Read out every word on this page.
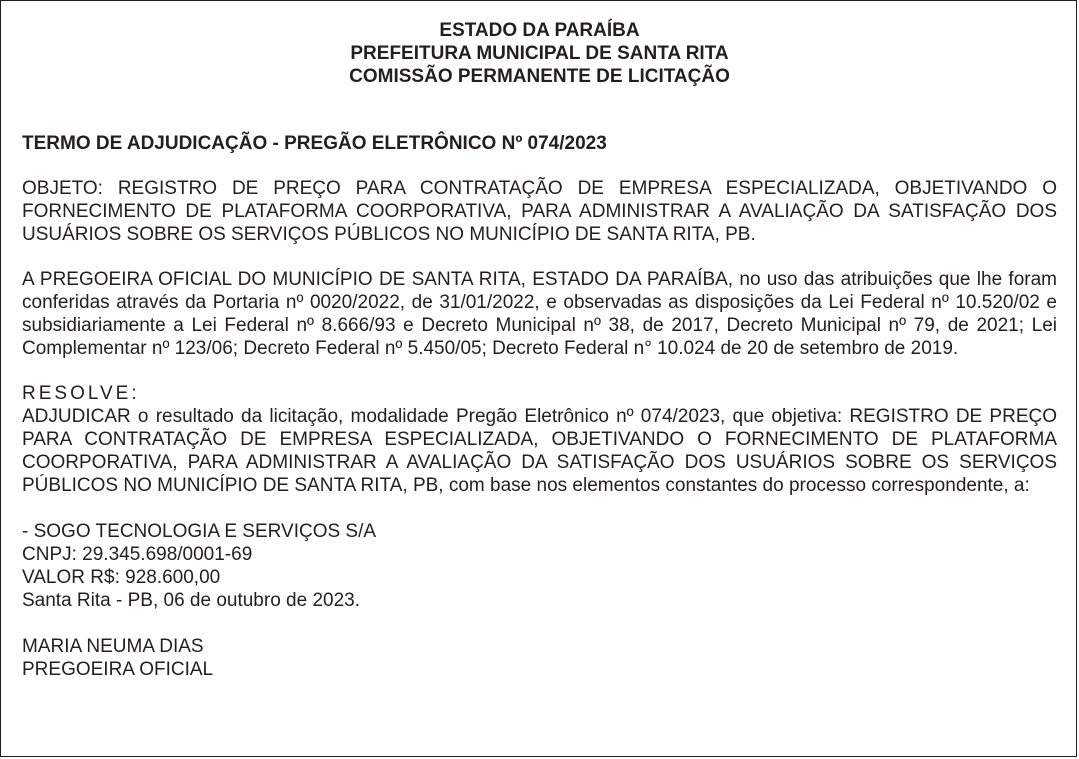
ESTADO DA PARAÍBA
PREFEITURA MUNICIPAL DE SANTA RITA
COMISSÃO PERMANENTE DE LICITAÇÃO
TERMO DE ADJUDICAÇÃO - PREGÃO ELETRÔNICO Nº 074/2023
OBJETO: REGISTRO DE PREÇO PARA CONTRATAÇÃO DE EMPRESA ESPECIALIZADA, OBJETIVANDO O FORNECIMENTO DE PLATAFORMA COORPORATIVA, PARA ADMINISTRAR A AVALIAÇÃO DA SATISFAÇÃO DOS USUÁRIOS SOBRE OS SERVIÇOS PÚBLICOS NO MUNICÍPIO DE SANTA RITA, PB.
A PREGOEIRA OFICIAL DO MUNICÍPIO DE SANTA RITA, ESTADO DA PARAÍBA, no uso das atribuições que lhe foram conferidas através da Portaria nº 0020/2022, de 31/01/2022, e observadas as disposições da Lei Federal nº 10.520/02 e subsidiariamente a Lei Federal nº 8.666/93 e Decreto Municipal nº 38, de 2017, Decreto Municipal nº 79, de 2021; Lei Complementar nº 123/06; Decreto Federal nº 5.450/05; Decreto Federal n° 10.024 de 20 de setembro de 2019.
RESOLVE:
ADJUDICAR o resultado da licitação, modalidade Pregão Eletrônico nº 074/2023, que objetiva: REGISTRO DE PREÇO PARA CONTRATAÇÃO DE EMPRESA ESPECIALIZADA, OBJETIVANDO O FORNECIMENTO DE PLATAFORMA COORPORATIVA, PARA ADMINISTRAR A AVALIAÇÃO DA SATISFAÇÃO DOS USUÁRIOS SOBRE OS SERVIÇOS PÚBLICOS NO MUNICÍPIO DE SANTA RITA, PB, com base nos elementos constantes do processo correspondente, a:
- SOGO TECNOLOGIA E SERVIÇOS S/A
CNPJ: 29.345.698/0001-69
VALOR R$: 928.600,00
Santa Rita - PB, 06 de outubro de 2023.
MARIA NEUMA DIAS
PREGOEIRA OFICIAL
